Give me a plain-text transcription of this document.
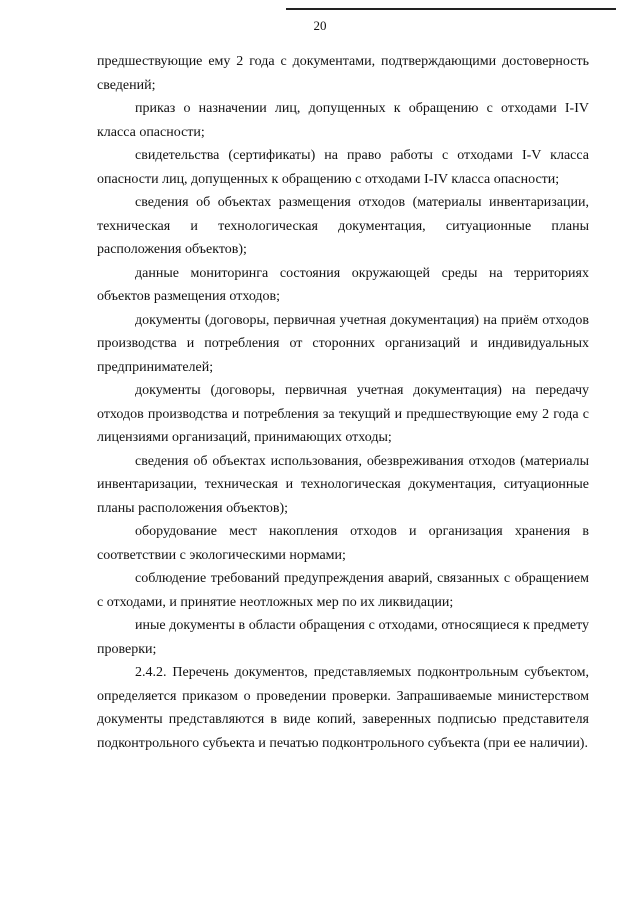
20

предшествующие ему 2 года с документами, подтверждающими достоверность сведений;

приказ о назначении лиц, допущенных к обращению с отходами I-IV класса опасности;

свидетельства (сертификаты) на право работы с отходами I-V класса опасности лиц, допущенных к обращению с отходами I-IV класса опасности;

сведения об объектах размещения отходов (материалы инвентаризации, техническая и технологическая документация, ситуационные планы расположения объектов);

данные мониторинга состояния окружающей среды на территориях объектов размещения отходов;

документы (договоры, первичная учетная документация) на приём отходов производства и потребления от сторонних организаций и индивидуальных предпринимателей;

документы (договоры, первичная учетная документация) на передачу отходов производства и потребления за текущий и предшествующие ему 2 года с лицензиями организаций, принимающих отходы;

сведения об объектах использования, обезвреживания отходов (материалы инвентаризации, техническая и технологическая документация, ситуационные планы расположения объектов);

оборудование мест накопления отходов и организация хранения в соответствии с экологическими нормами;

соблюдение требований предупреждения аварий, связанных с обращением с отходами, и принятие неотложных мер по их ликвидации;

иные документы в области обращения с отходами, относящиеся к предмету проверки;

2.4.2. Перечень документов, представляемых подконтрольным субъектом, определяется приказом о проведении проверки. Запрашиваемые министерством документы представляются в виде копий, заверенных подписью представителя подконтрольного субъекта и печатью подконтрольного субъекта (при ее наличии).
